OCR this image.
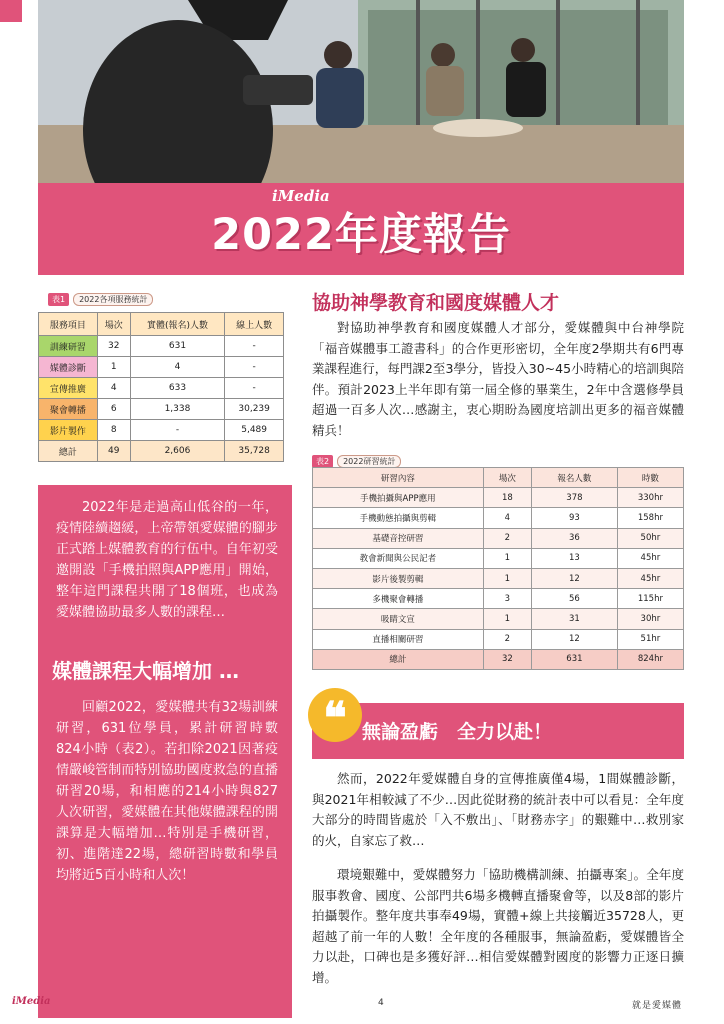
iMedia
2022年度報告
表1 2022各項服務統計
服務項目	場次	實體(報名)人數	線上人數
訓練研習	32	631	-
媒體診斷	1	4	-
宣傳推廣	4	633	-
聚會轉播	6	1,338	30,239
影片製作	8	-	5,489
總計	49	2,606	35,728
2022年是走過高山低谷的一年，疫情陸續趨緩，上帝帶領愛媒體的腳步正式踏上媒體教育的行伍中。自年初受邀開設「手機拍照與APP應用」開始，整年這門課程共開了18個班，也成為愛媒體協助最多人數的課程…
媒體課程大幅增加 …
回顧2022，愛媒體共有32場訓練研習，631位學員，累計研習時數 824小時（表2）。若扣除2021因著疫情嚴峻管制而特別協助國度救急的直播研習20場，和相應的214小時與827人次研習，愛媒體在其他媒體課程的開課算是大幅增加…特別是手機研習，初、進階達22場，總研習時數和學員均將近5百小時和人次！
協助神學教育和國度媒體人才
對協助神學教育和國度媒體人才部分，愛媒體與中台神學院「福音媒體事工證書科」的合作更形密切，全年度2學期共有6門專業課程進行，每門課2至3學分，皆投入30~45小時精心的培訓與陪伴。預計2023上半年即有第一屆全修的畢業生，2年中含選修學員超過一百多人次…感謝主，衷心期盼為國度培訓出更多的福音媒體精兵！
表2 2022研習統計
研習內容	場次	報名人數	時數
手機拍攝與APP應用	18	378	330hr
手機動態拍攝與剪輯	4	93	158hr
基礎音控研習	2	36	50hr
教會新聞與公民記者	1	13	45hr
影片後製剪輯	1	12	45hr
多機聚會轉播	3	56	115hr
吸睛文宣	1	31	30hr
直播相關研習	2	12	51hr
總計	32	631	824hr
❝ 無論盈虧　全力以赴！
然而，2022年愛媒體自身的宣傳推廣僅4場，1間媒體診斷，與2021年相較減了不少…因此從財務的統計表中可以看見：全年度大部分的時間皆處於「入不敷出」、「財務赤字」的艱難中…救別家的火，自家忘了救…
環境艱難中，愛媒體努力「協助機構訓練、拍攝專案」。全年度服事教會、國度、公部門共6場多機轉直播聚會等，以及8部的影片拍攝製作。整年度共事奉49場，實體+線上共接觸近35728人，更超越了前一年的人數！全年度的各種服事，無論盈虧，愛媒體皆全力以赴，口碑也是多獲好評…相信愛媒體對國度的影響力正逐日擴增。
iMedia	4	就是愛媒體
